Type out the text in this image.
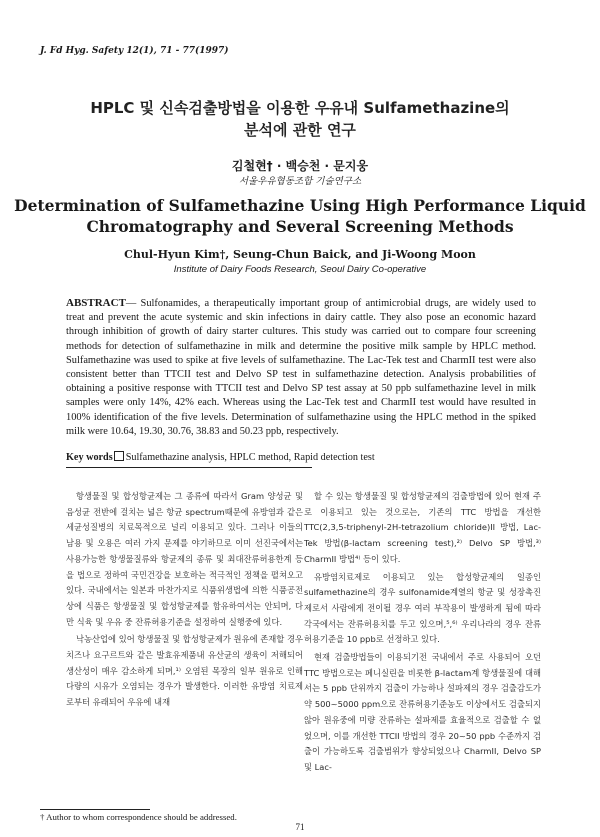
J. Fd Hyg. Safety 12(1), 71 - 77(1997)
HPLC 및 신속검출방법을 이용한 우유내 Sulfamethazine의
분석에 관한 연구
김철현† · 백승천 · 문지웅
서울우유협동조합 기술연구소
Determination of Sulfamethazine Using High Performance Liquid
Chromatography and Several Screening Methods
Chul-Hyun Kim†, Seung-Chun Baick, and Ji-Woong Moon
Institute of Dairy Foods Research, Seoul Dairy Co-operative
ABSTRACT— Sulfonamides, a therapeutically important group of antimicrobial drugs, are widely used to treat and prevent the acute systemic and skin infections in dairy cattle. They also pose an economic hazard through inhibition of growth of dairy starter cultures. This study was carried out to compare four screening methods for detection of sulfamethazine in milk and determine the positive milk sample by HPLC method. Sulfamethazine was used to spike at five levels of sulfamethazine. The Lac-Tek test and CharmII test were also consistent better than TTCII test and Delvo SP test in sulfamethazine detection. Analysis probabilities of obtaining a positive response with TTCII test and Delvo SP test assay at 50 ppb sulfamethazine level in milk samples were only 14%, 42% each. Whereas using the Lac-Tek test and CharmII test would have resulted in 100% identification of the five levels. Determination of sulfamethazine using the HPLC method in the spiked milk were 10.64, 19.30, 30.76, 38.83 and 50.23 ppb, respectively.
Key words Sulfamethazine analysis, HPLC method, Rapid detection test

항생물질 및 합성항균제는 그 종류에 따라서 Gram 양성균 및 음성균 전반에 걸치는 넓은 항균 spectrum때문에 유방염과 같은 세균성질병의 치료목적으로 널리 이용되고 있다. 그러나 이들의 남용 및 오용은 여러 가지 문제를 야기하므로 이미 선진국에서는 사용가능한 항생물질류와 항균제의 종류 및 최대잔류허용한계 등을 법으로 정하여 국민건강을 보호하는 적극적인 정책을 펼쳐오고 있다. 국내에서는 일본과 마찬가지로 식품위생법에 의한 식품공전상에 식품은 항생물질 및 합성항균제를 함유하여서는 안되며, 다만 식육 및 우유 중 잔류허용기준을 설정하여 실행중에 있다.

낙농산업에 있어 항생물질 및 합성항균제가 원유에 존재할 경우 치즈나 요구르트와 같은 발효유제품내 유산균의 생육이 저해되어 생산성이 매우 감소하게 되며,¹⁾ 오염된 목장의 일부 원유로 인해 다량의 시유가 오염되는 경우가 발생한다. 이러한 유방염 치료제로부터 유래되어 우유에 내재

할 수 있는 항생물질 및 합성항균제의 검출방법에 있어 현재 주로 이용되고 있는 것으로는, 기존의 TTC 방법을 개선한 TTC(2,3,5-triphenyl-2H-tetrazolium chloride)II 방법, Lac-Tek 방법(β-lactam screening test),²⁾ Delvo SP 방법,³⁾ CharmII 방법⁴⁾ 등이 있다.

유방염치료제로 이용되고 있는 합성항균제의 일종인 sulfamethazine의 경우 sulfonamide계열의 항균 및 성장촉진제로서 사람에게 전이될 경우 여러 부작용이 발생하게 됨에 따라 각국에서는 잔류허용치를 두고 있으며,⁵,⁶⁾ 우리나라의 경우 잔류허용기준을 10 ppb로 선정하고 있다.

현재 검출방법들이 이용되기전 국내에서 주로 사용되어 오던 TTC 방법으로는 페니실린을 비롯한 β-lactam계 항생물질에 대해서는 5 ppb 단위까지 검출이 가능하나 설파제의 경우 검출감도가 약 500~5000 ppm으로 잔류허용기준농도 이상에서도 검출되지 않아 원유중에 미량 잔류하는 설파제를 효율적으로 검출할 수 없었으며, 이를 개선한 TTCII 방법의 경우 20~50 ppb 수준까지 검출이 가능하도록 검출범위가 향상되었으나 CharmII, Delvo SP 및 Lac-

† Author to whom correspondence should be addressed.
71
